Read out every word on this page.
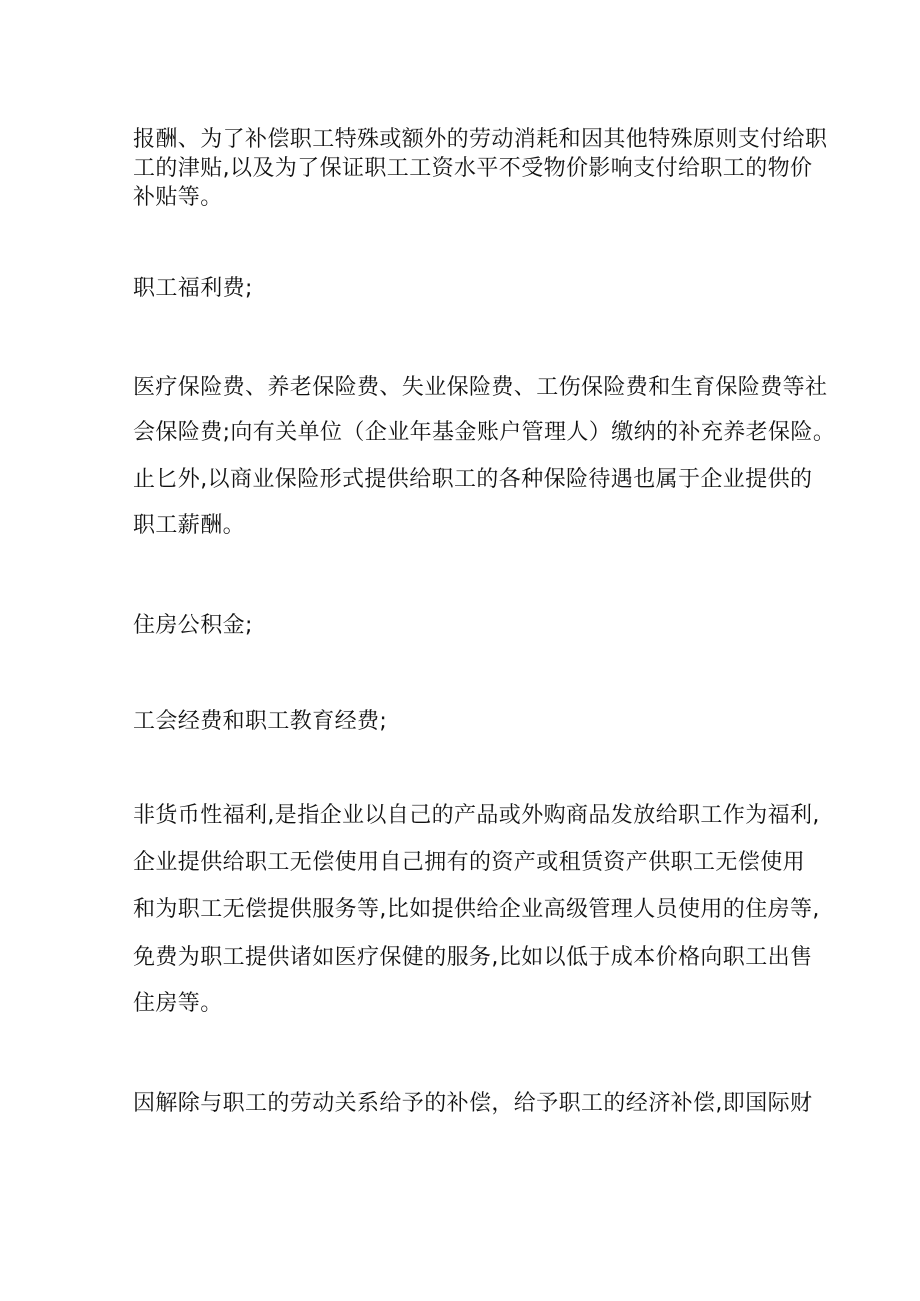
报酬、为了补偿职工特殊或额外的劳动消耗和因其他特殊原则支付给职

工的津贴,以及为了保证职工工资水平不受物价影响支付给职工的物价

补贴等。

职工福利费;

医疗保险费、养老保险费、失业保险费、工伤保险费和生育保险费等社

会保险费;向有关单位（企业年基金账户管理人）缴纳的补充养老保险。

止匕外,以商业保险形式提供给职工的各种保险待遇也属于企业提供的

职工薪酬。

住房公积金;

工会经费和职工教育经费;

非货币性福利,是指企业以自己的产品或外购商品发放给职工作为福利,

企业提供给职工无偿使用自己拥有的资产或租赁资产供职工无偿使用

和为职工无偿提供服务等,比如提供给企业高级管理人员使用的住房等,

免费为职工提供诸如医疗保健的服务,比如以低于成本价格向职工出售

住房等。

因解除与职工的劳动关系给予的补偿，给予职工的经济补偿,即国际财
